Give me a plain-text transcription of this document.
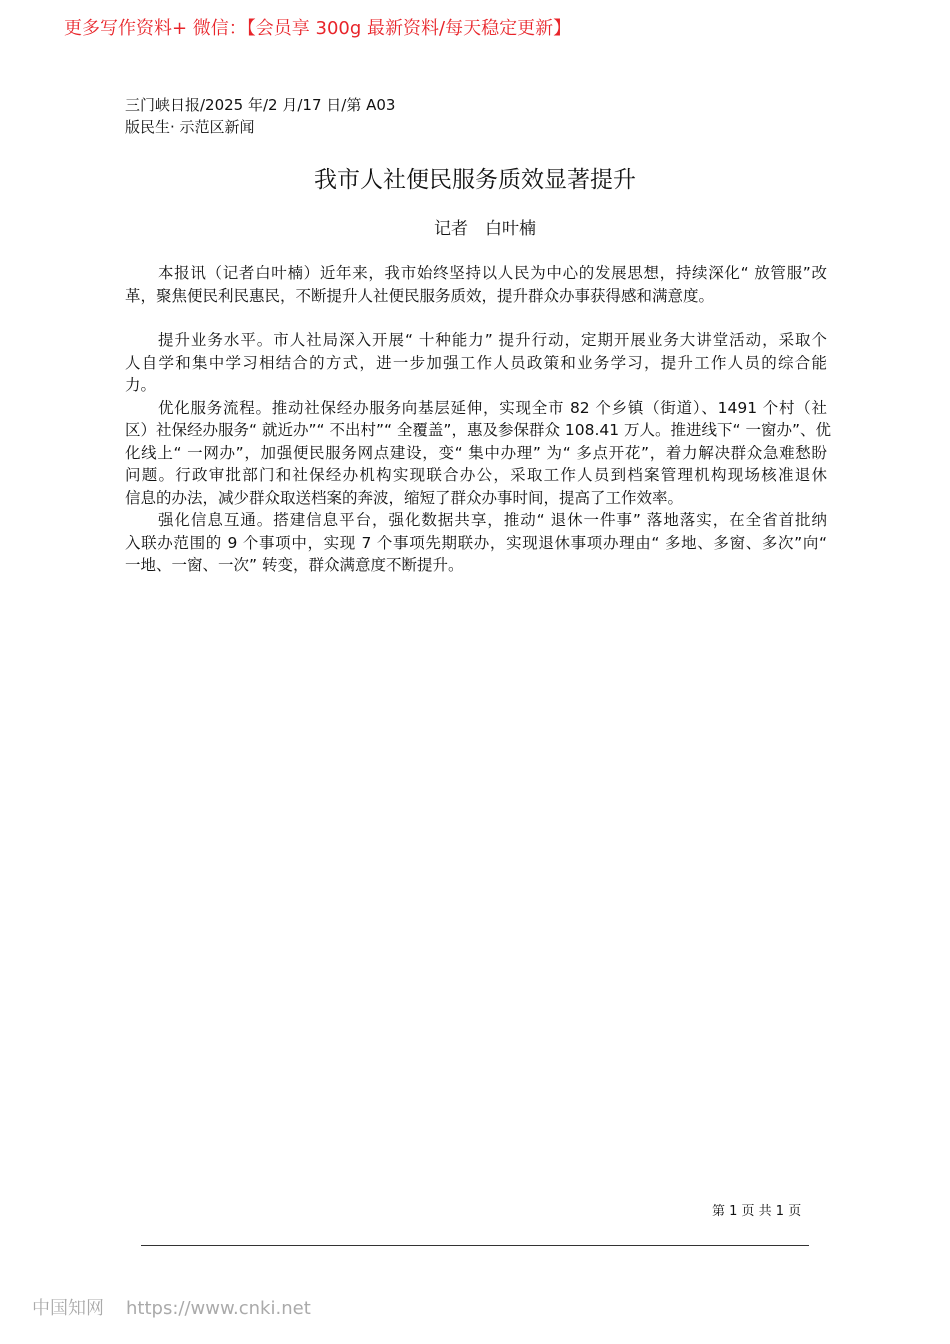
更多写作资料+ 微信：【会员享 300g 最新资料/每天稳定更新】
三门峡日报/2025 年/2 月/17 日/第 A03
版民生· 示范区新闻
我市人社便民服务质效显著提升
记者　白叶楠
本报讯（记者白叶楠）近年来，我市始终坚持以人民为中心的发展思想，持续深化“ 放管服”改
革，聚焦便民利民惠民，不断提升人社便民服务质效，提升群众办事获得感和满意度。
提升业务水平。市人社局深入开展“ 十种能力” 提升行动，定期开展业务大讲堂活动，采取个
人自学和集中学习相结合的方式，进一步加强工作人员政策和业务学习，提升工作人员的综合能
力。
优化服务流程。推动社保经办服务向基层延伸，实现全市 82 个乡镇（街道）、1491 个村（社
区）社保经办服务“ 就近办”“ 不出村”“ 全覆盖”，惠及参保群众 108.41 万人。推进线下“ 一窗办”、优
化线上“ 一网办”，加强便民服务网点建设，变“ 集中办理” 为“ 多点开花”，着力解决群众急难愁盼
问题。行政审批部门和社保经办机构实现联合办公，采取工作人员到档案管理机构现场核准退休
信息的办法，减少群众取送档案的奔波，缩短了群众办事时间，提高了工作效率。
强化信息互通。搭建信息平台，强化数据共享，推动“ 退休一件事” 落地落实，在全省首批纳
入联办范围的 9 个事项中，实现 7 个事项先期联办，实现退休事项办理由“ 多地、多窗、多次”向“
一地、一窗、一次” 转变，群众满意度不断提升。
第 1 页 共 1 页
中国知网 https://www.cnki.net
